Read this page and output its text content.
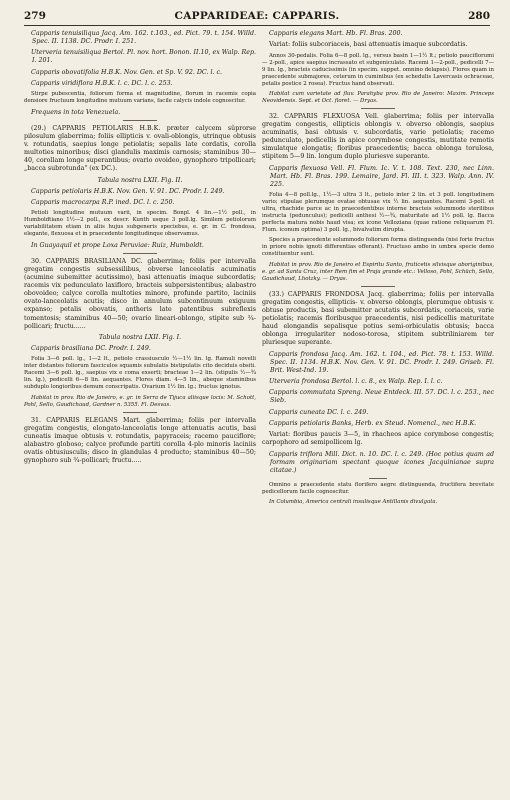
279	CAPPARIDEAE: CAPPARIS.	280

Capparis tenuisiliqua Jacq. Am. 162. t.103., ed. Pict. 79. t. 154. Willd. Spec. II. 1138. DC. Prodr. I. 251.

Uterveria tenuisiliqua Bertol. Pl. nov. hort. Bonon. II.10, ex Walp. Rep. I. 201.

Capparis obovatifolia H.B.K. Nov. Gen. et Sp. V. 92. DC. l. c.

Capparis viridiflora H.B.K. l. c. DC. l. c. 253.

Stirpe pubescentia, foliorum forma et magnitudine, florum in racemis copia densiore fructuum longitudine mutuum varians, facile calycis indole cognoscitur.

Frequens in tota Venezuela.

(29.) CAPPARIS PETIOLARIS H.B.K. præter calycem sûprorse pilosulum glaberrima; foliis ellipticis v. ovali-oblongis, utrinque obtusis v. rotundatis, saepius longe petiolatis; sepalis late cordatis, corolla multoties minoribus; disci glandulis maximis carnosis; staminibus 30—40, corollam longe superantibus; ovario ovoideo, gynophoro tripollicari; „bacca subrotunda" (ex DC.).

Tabula nostra LXII. Fig. II.

Capparis petiolaris H.B.K. Nov. Gen. V. 91. DC. Prodr. I. 249.

Capparis macrocarpa R.P. ined. DC. l. c. 250.

Petioli longitudine mutuum varii, in specim. Bonpl. 4 lin.—1½ poll., in Humboldtiano 1½—2 poll., ex descr. Kunth usque 3 poll.lg. Similem petiolorum variabilitatem etiam in aliis hujus subgeneris speciebus, e. gr. in C. frondosa, elegante, flexuosa et in praecedente longitudinque observamus.

In Guayaquil et prope Loxa Peruviae: Ruiz, Humboldt.

30. CAPPARIS BRASILIANA DC. glaberrima; foliis per intervalla gregatim congestis subsessilibus, obverse lanceolatis acuminatis (acumine subemitter acutissimo), basi attenuatis imaque subcordatis; racemis vix pedunculato laxifloro, bracteis subpersistentibus; alabastro obovoideo; calyce corolla multoties minore, profunde partito, laciniis ovato-lanceolatis acutis; disco in annulum subcontinuum exiguum expanso; petalis obovatis, antheris late patentibus subreflexis tomentosis; staminibus 40—50; ovario lineari-oblongo, stipite sub ¾-pollicari; fructu......

Tabula nostra LXII. Fig. I.

Capparis brasiliana DC. Prodr. I. 249.

Folia 3—6 poll. lg., 1—2 lt., petiolo crassiusculo ½—1½ lin. lg. Ramuli novelli inter distantes foliorum fasciculos squamis subulatis bistipulatis cito deciduis obsiti. Racemi 3—6 poll. lg., saepius vix e coma exserti; bracteae 1—2 lin. (stipulis ½—¾ lin. lg.), pedicelli 6—8 lin. aequantes. Flores diam. 4—5 lin., abeque staminibus subduplo longioribus demum conscripatis. Ovarium 1½ lin. lg.; fructus ignotus.

Habitat in prov. Rio de Janeiro, e. gr. in Serra de Tijuca aliisque locis: M. Schott, Pohl, Sello, Gaudichaud, Gardner n. 5355. Fl. Desvas.

31. CAPPARIS ELEGANS Mart. glaberrima; foliis per intervalla gregatim congestis, elongato-lanceolatis longe attenuatis acutis, basi cuneatis imaque obtusis v. rotundatis, papyraceis; racemo pauciflore; alabastro globoso; calyce profunde partiti corolla 4-plo minoris laciniis ovatis obtusiusculis; disco in glandulas 4 producto; staminibus 40—50; gynophoro sub ¾-pollicari; fructu.....

Capparis elegans Mart. Hb. Fl. Bras. 200.

Variat: foliis subcoriaceis, basi attenuatis imaque subcordatis.

Annos 30-pedalis. Folia 6—8 poll. lg., versus basin 1—1½ lt.; petiolo pauciflorumi — 2-poll., apice saepius incrassato et subgeniculato. Racemi 1—2-poll., pedicelli 7—9 lin. lg., bracteis caducissimis (in specim. suppet. omnino delapsis). Flores quam in praecedente submajores, ceterum in cuminibus (ex schedulis Lavercasis ochraceae, petalis postice 2 rosea). Fructus hand observati.

Habitat cum varietate ad fluv. Parahyba prov. Rio de Janeiro: Maxim. Princeps Neovidensis. Sept. et Oct. floret. — Dryas.

32. CAPPARIS FLEXUOSA Vell. glaberrima; foliis per intervalla gregatim congestis, ellipticis oblongis v. obverso oblongis, saepius acuminatis, basi obtusis v. subcordatis, varie petiolatis; racemo pedunculato, pedicellis in apice corymbose congestis, mutitate remotis simulatque elongatis; floribus praecedentis; bacca oblonga torulosa, stipitem 5—9 lin. longum duplo pluriesve superante.

Capparis flexuosa Vell. Fl. Flum. Ic. V. t. 108. Text. 230, nec Linn. Mart. Hb. Fl. Bras. 199. Lemaire, Jard. Fl. III. t. 323. Walp. Ann. IV. 225.

Folia 4—8 poll.lg., 1½—3 ultra 3 lt., petiolo inter 2 lin. et 3 poll. longitudinem vario; stipulae plerumque ovatae obtusae vix ½ lin. aequantes. Racemi 3-poll. et ultra, rhachide parce ac in praecedentibus interne bracteis solummodo sterilibus instructa (pedunculus); pedicelli anthesi ½—¾, maturitate ad 1½ poll. lg. Bacca perfecta matura nobis haud visa; ex icone Velloziana (quae ratione reliquarum Fl. Flum. iconum optima) 3 poll. lg., bivalvatim dirupta.

Species a praecedente solummodo foliorum forma distinguenda (nisi forte fructus in priore nobis ignoti differentias offerant). Fructuso ambo in umbra specie demo constituentur sunt.

Habitat in prov. Rio de Janeiro et Espiritu Santo, fruticetis silvisque aboriginibus, e. gr. ad Santa Cruz, inter Rem fim et Praja grande etc.: Velloso, Pohl, Schüch, Sello, Gaudichaud, Lhotzky. — Dryas.

(33.) CAPPARIS FRONDOSA Jacq. glaberrima; foliis per intervalla gregatim congestis, ellipticis- v. obverso oblongis, plerumque obtusis v. obtuse productis, basi subemitter acutatis subcordatis, coriaceis, varie petiolatis; racemis floribusque praecedentis, nisi pedicellis maturitate haud elongandis sepalisque potius semi-orbiculatis obtusis; bacca oblonga irregulariter nodoso-torosa, stipitem subtriliniarem ter pluriesque superante.

Capparis frondosa Jacq. Am. 162. t. 104., ed. Pict. 78. t. 153. Willd. Spec. II. 1134. H.B.K. Nov. Gen. V. 91. DC. Prodr. I. 249. Griseb. Fl. Brit. West-Ind. 19.

Uterveria frondosa Bertol. l. c. 8., ex Walp. Rep. I. l. c.

Capparis commutata Spreng. Neue Entdeck. III. 57. DC. l. c. 253., nec Sieb.

Capparis cuneata DC. l. c. 249.

Capparis petiolaris Banks, Herb. ex Steud. Nomencl., nec H.B.K.

Variat: floribus paucis 3—5, in rhacheos apice corymbose congestis; carpophoro ad semipollicem lg.

Capparis triflora Mill. Dict. n. 10. DC. l. c. 249. (Hoc potius quam ad formam originariam spectant quoque icones Jacquinianae supra citatae.)

Omnino a praecedente statu florifero aegre distinguenda, fructifera brevitate pedicellorum facile cognoscitur.

In Columbia, America centrali insulisque Antillanis divulgata.
